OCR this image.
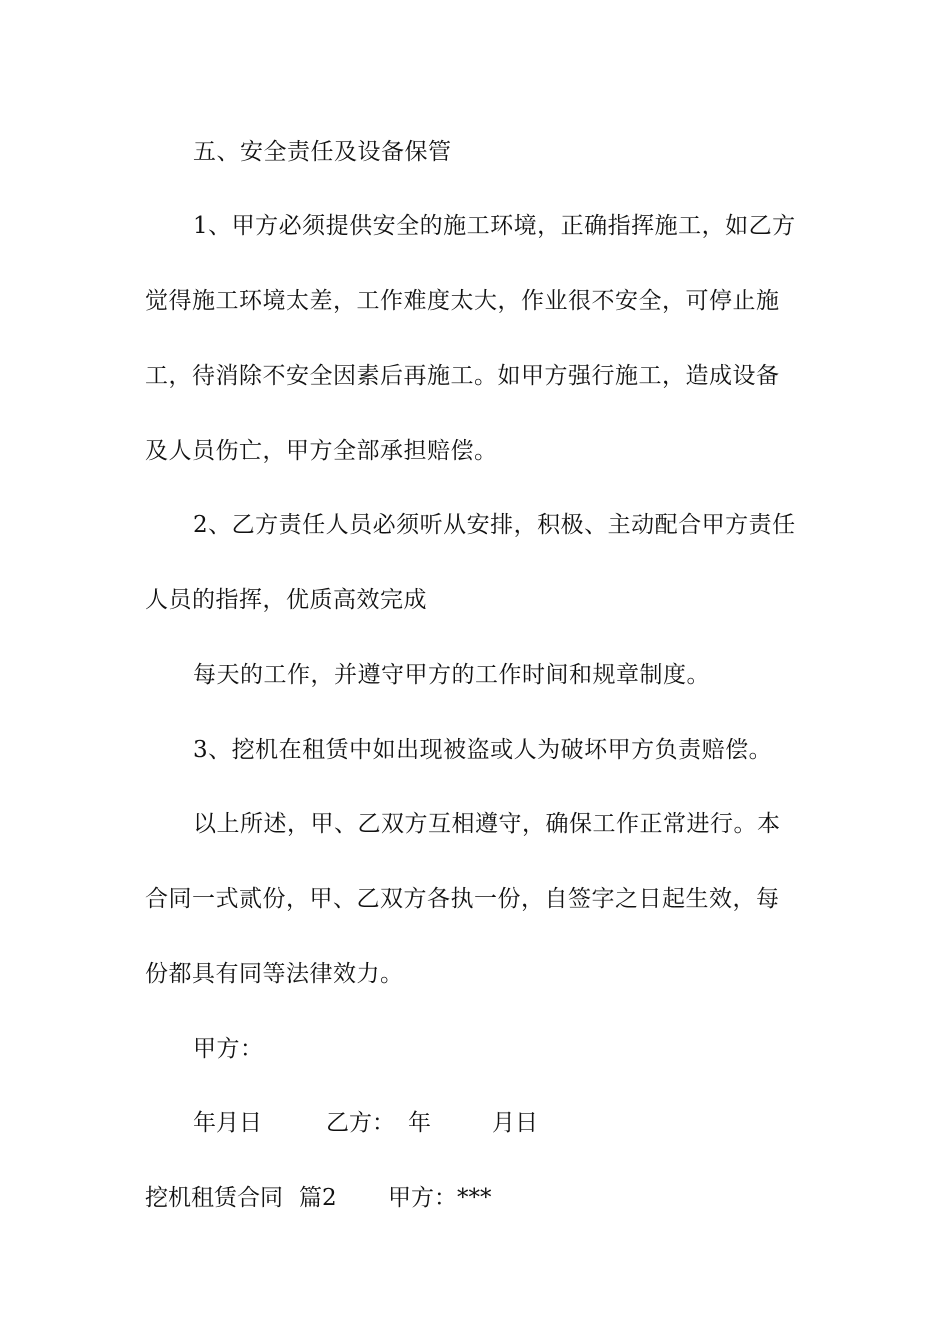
五、安全责任及设备保管
1、甲方必须提供安全的施工环境，正确指挥施工，如乙方
觉得施工环境太差，工作难度太大，作业很不安全，可停止施
工，待消除不安全因素后再施工。如甲方强行施工，造成设备
及人员伤亡，甲方全部承担赔偿。
2、乙方责任人员必须听从安排，积极、主动配合甲方责任
人员的指挥，优质高效完成
每天的工作，并遵守甲方的工作时间和规章制度。
3、挖机在租赁中如出现被盗或人为破坏甲方负责赔偿。
以上所述，甲、乙双方互相遵守，确保工作正常进行。本
合同一式贰份，甲、乙双方各执一份，自签字之日起生效，每
份都具有同等法律效力。
甲方：
年月日	乙方： 年	月日
挖机租赁合同 篇2 甲方：***
